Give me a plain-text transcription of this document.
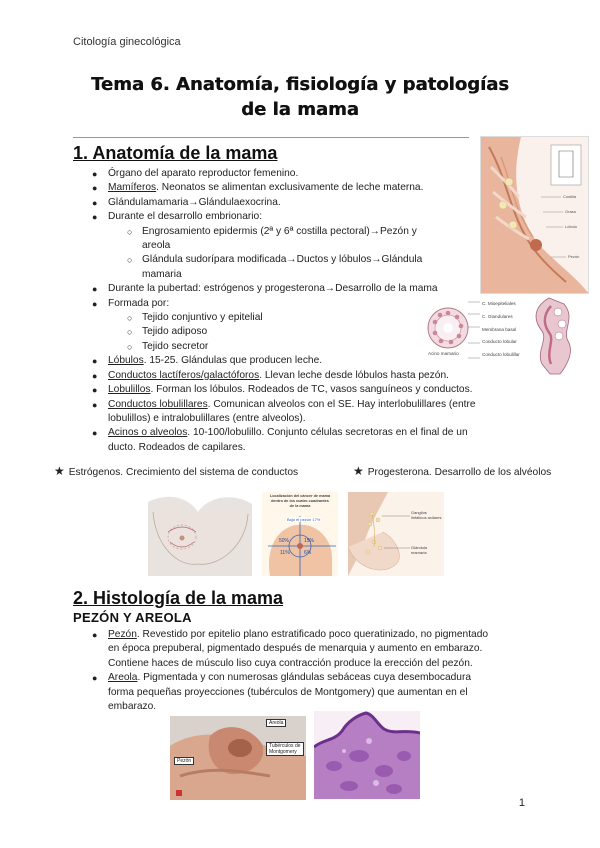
Citología ginecológica
Tema 6. Anatomía, fisiología y patologías
de la mama
Costilla
Grasa
Lóbulo
Pezón
C. Mioepiteliales
C. Glandulares
Membrana basal
Conducto lobular
Conducto lobulillar
Acino mamario
1. Anatomía de la mama
● Órgano del aparato reproductor femenino.
● Mamíferos. Neonatos se alimentan exclusivamente de leche materna.
● Glándulamamaria→Glándulaexocrina.
● Durante el desarrollo embrionario:
○ Engrosamiento epidermis (2ª y 6ª costilla pectoral)→Pezón y
areola
○ Glándula sudorípara modificada→Ductos y lóbulos→Glándula
mamaria
● Durante la pubertad: estrógenos y progesterona→Desarrollo de la mama
● Formada por:
○ Tejido conjuntivo y epitelial
○ Tejido adiposo
○ Tejido secretor
● Lóbulos. 15-25. Glándulas que producen leche.
● Conductos lactíferos/galactóforos. Llevan leche desde lóbulos hasta pezón.
● Lobulillos. Forman los lóbulos. Rodeados de TC, vasos sanguíneos y conductos.
● Conductos lobulillares. Comunican alveolos con el SE. Hay interlobulillares (entre
lobulillos) e intralobulillares (entre alveolos).
● Acinos o alveolos. 10-100/lobulillo. Conjunto células secretoras en el final de un
ducto. Rodeados de capilares.
★ Estrógenos. Crecimiento del sistema de conductos	★ Progesterona. Desarrollo de los alvéolos
Localización del cáncer de mama
dentro de los cuatro cuadrantes
de la mama
Bajo el pezón 17%
50%	15%
11%	6%
Ganglios linfáticos axilares
Glándula mamaria
2. Histología de la mama
PEZÓN Y AREOLA
● Pezón. Revestido por epitelio plano estratificado poco queratinizado, no pigmentado
en época prepuberal, pigmentado después de menarquia y aumento en embarazo.
Contiene haces de músculo liso cuya contracción produce la erección del pezón.
● Areola. Pigmentada y con numerosas glándulas sebáceas cuya desembocadura
forma pequeñas proyecciones (tubérculos de Montgomery) que aumentan en el
embarazo.
Areola
Tubérculos de Montgomery
Pezón
1
